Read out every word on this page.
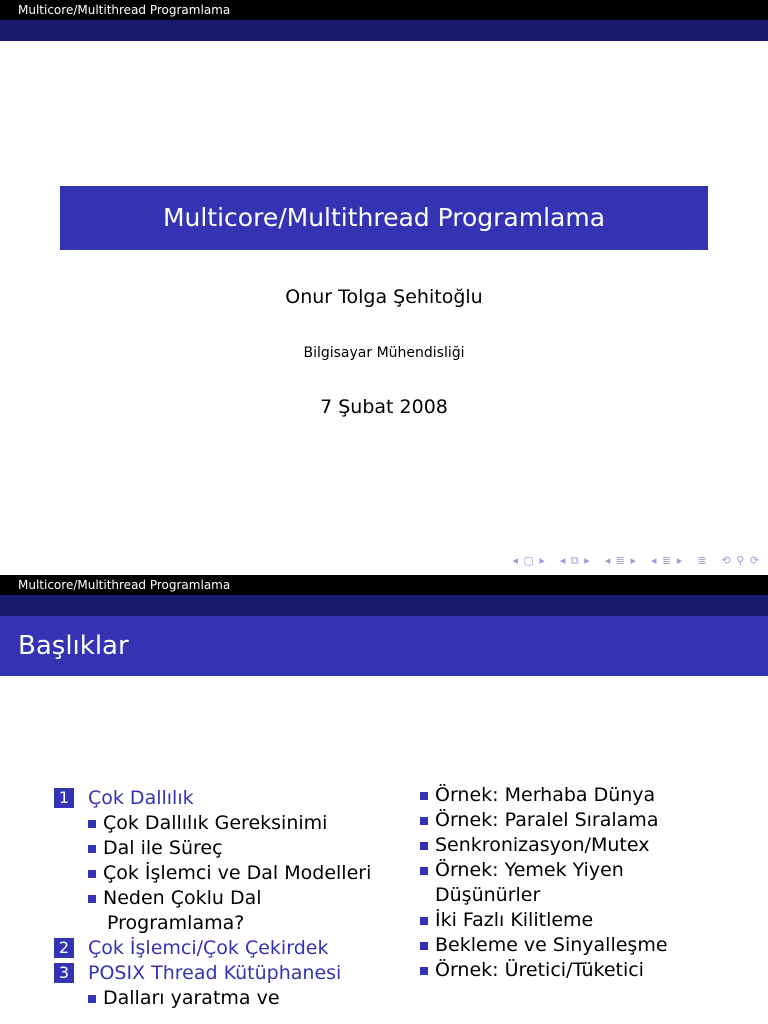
Multicore/Multithread Programlama
Multicore/Multithread Programlama
Onur Tolga Şehitoğlu
Bilgisayar Mühendisliği
7 Şubat 2008
◂ ▢ ▸ ◂ ⧉ ▸ ◂ ≣ ▸ ◂ ≣ ▸ ≣ ⟲ ⚲ ⟳
Multicore/Multithread Programlama
Başlıklar
1 Çok Dallılık
Çok Dallılık Gereksinimi
Dal ile Süreç
Çok İşlemci ve Dal Modelleri
Neden Çoklu Dal
Programlama?
2 Çok İşlemci/Çok Çekirdek
3 POSIX Thread Kütüphanesi
Dalları yaratma ve
Örnek: Merhaba Dünya
Örnek: Paralel Sıralama
Senkronizasyon/Mutex
Örnek: Yemek Yiyen
Düşünürler
İki Fazlı Kilitleme
Bekleme ve Sinyalleşme
Örnek: Üretici/Tüketici
